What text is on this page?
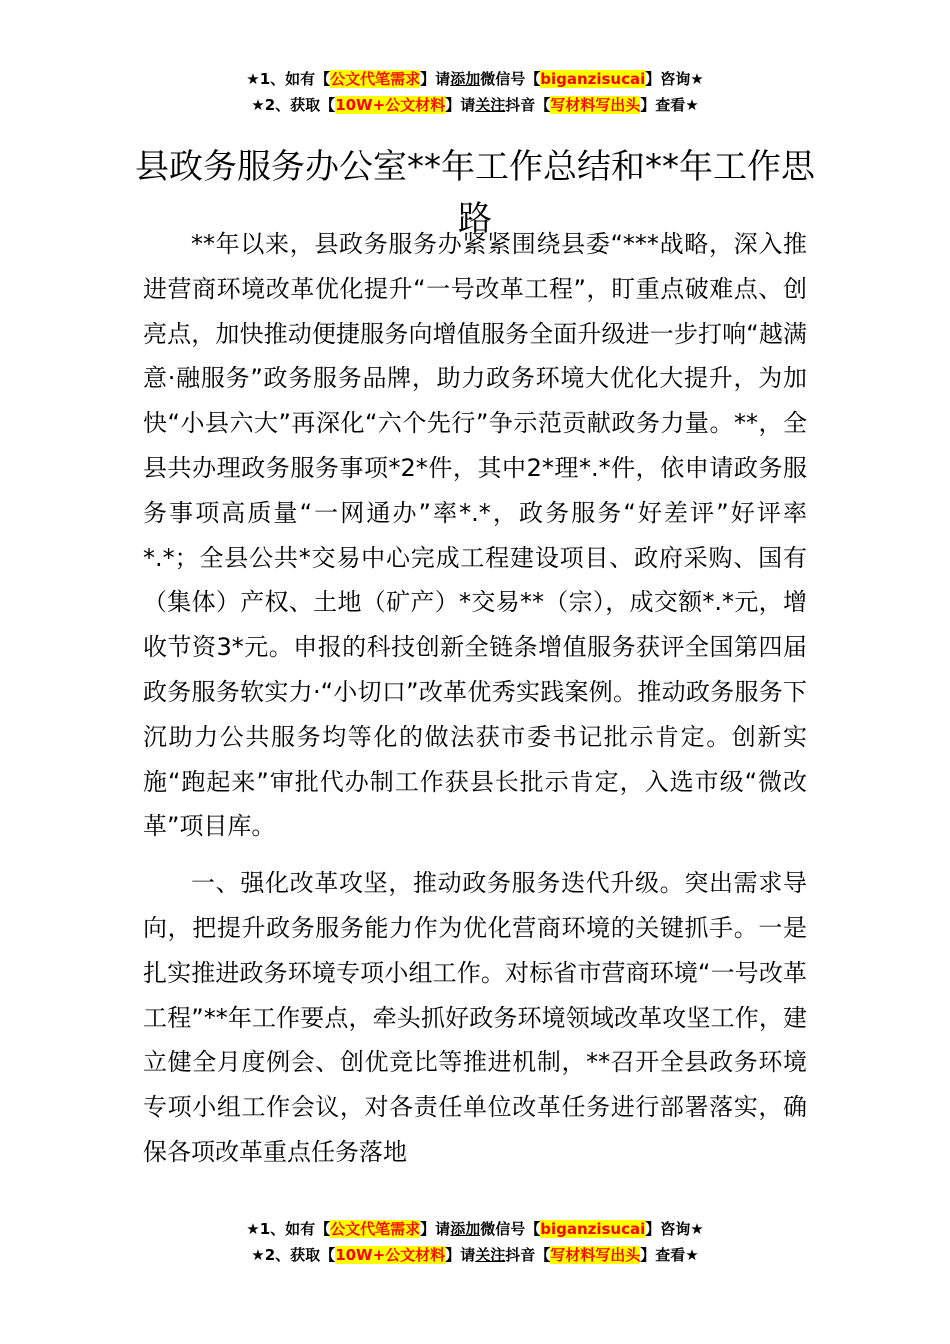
★1、如有【公文代笔需求】请添加微信号【biganzisucai】咨询★
★2、获取【10W+公文材料】请关注抖音【写材料写出头】查看★
县政务服务办公室**年工作总结和**年工作思路

**年以来，县政务服务办紧紧围绕县委“***战略，深入推进营商环境改革优化提升“一号改革工程”，盯重点破难点、创亮点，加快推动便捷服务向增值服务全面升级进一步打响“越满意·融服务”政务服务品牌，助力政务环境大优化大提升，为加快“小县六大”再深化“六个先行”争示范贡献政务力量。**，全县共办理政务服务事项*2*件，其中2*理*.*件，依申请政务服务事项高质量“一网通办”率*.*，政务服务“好差评”好评率*.*；全县公共*交易中心完成工程建设项目、政府采购、国有（集体）产权、土地（矿产）*交易**（宗），成交额*.*元，增收节资3*元。申报的科技创新全链条增值服务获评全国第四届政务服务软实力·“小切口”改革优秀实践案例。推动政务服务下沉助力公共服务均等化的做法获市委书记批示肯定。创新实施“跑起来”审批代办制工作获县长批示肯定，入选市级“微改革”项目库。

一、强化改革攻坚，推动政务服务迭代升级。突出需求导向，把提升政务服务能力作为优化营商环境的关键抓手。一是扎实推进政务环境专项小组工作。对标省市营商环境“一号改革工程”**年工作要点，牵头抓好政务环境领域改革攻坚工作，建立健全月度例会、创优竞比等推进机制，**召开全县政务环境专项小组工作会议，对各责任单位改革任务进行部署落实，确保各项改革重点任务落地

★1、如有【公文代笔需求】请添加微信号【biganzisucai】咨询★
★2、获取【10W+公文材料】请关注抖音【写材料写出头】查看★
